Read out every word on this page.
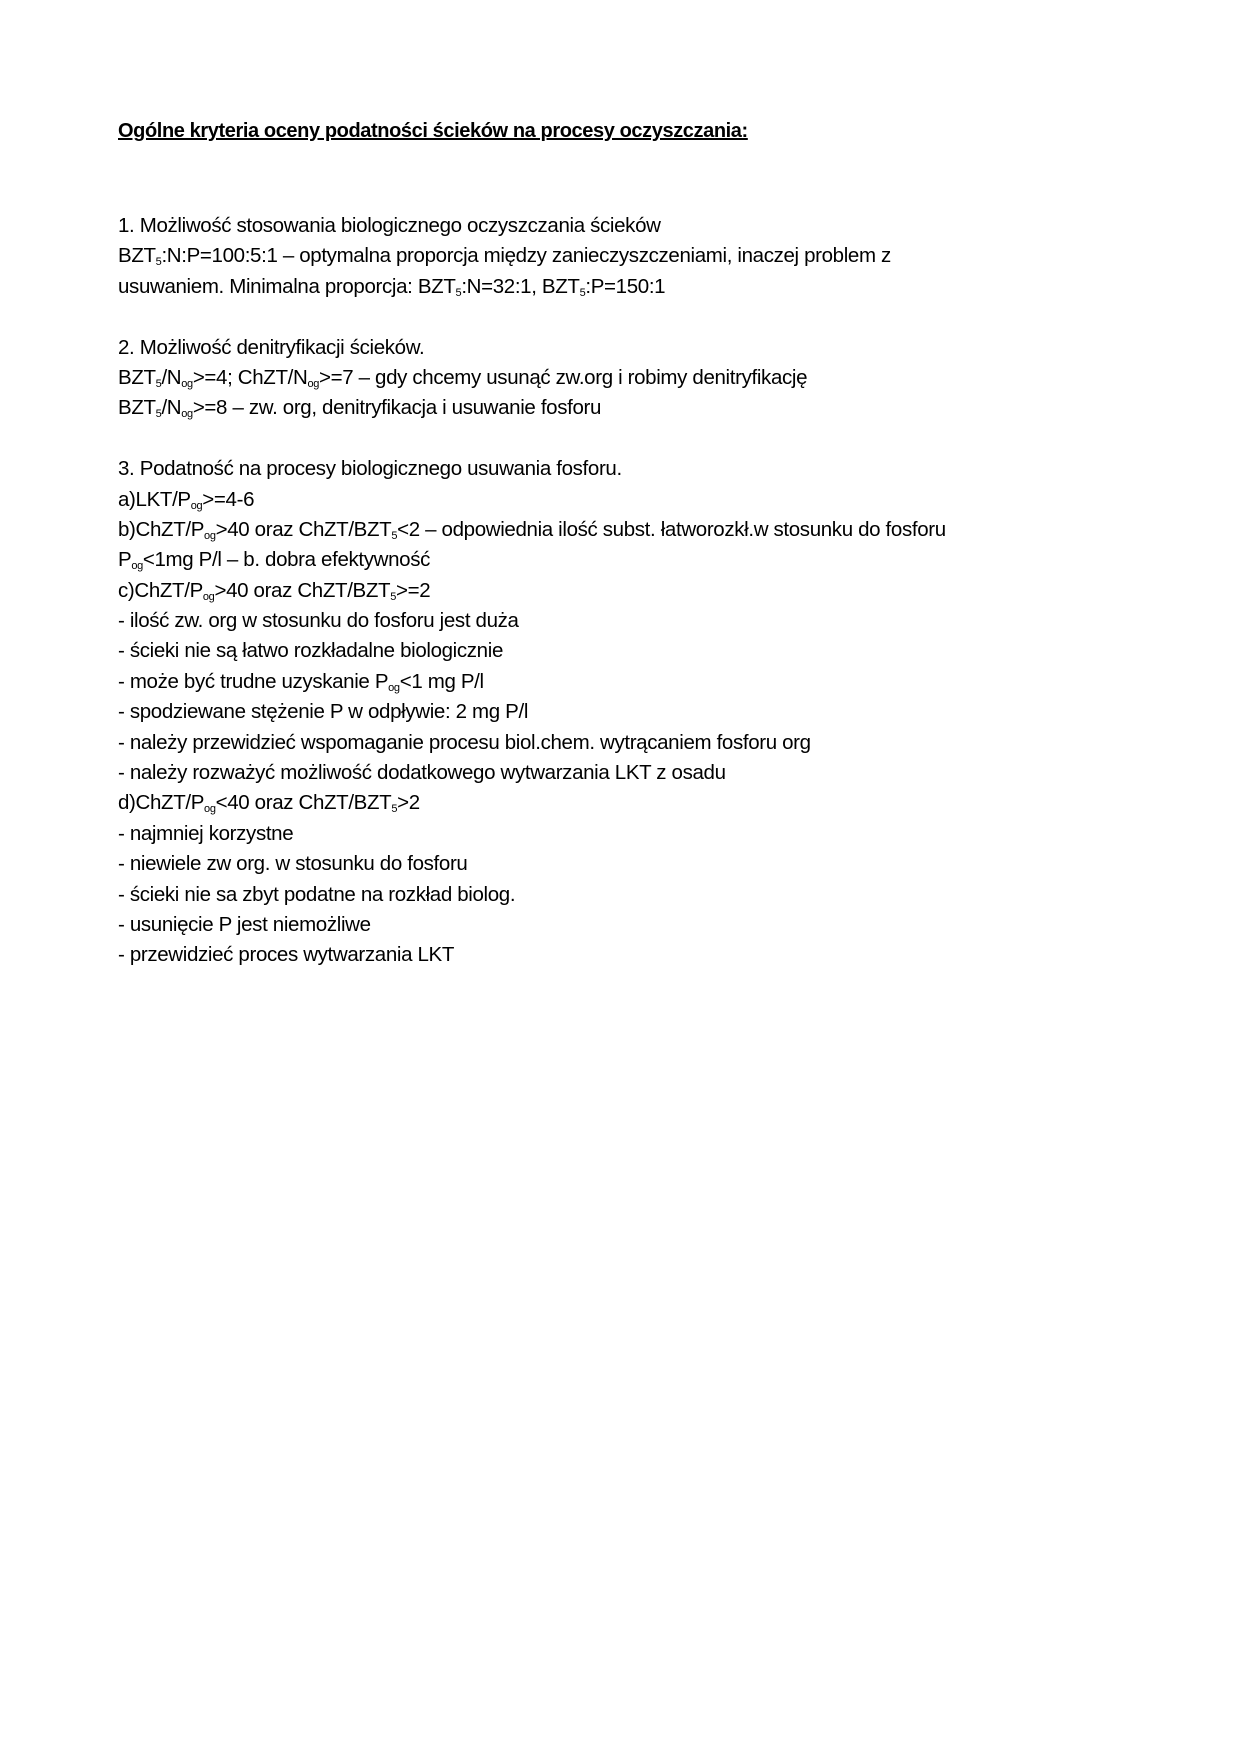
Ogólne kryteria oceny podatności ścieków na procesy oczyszczania:
1. Możliwość stosowania biologicznego oczyszczania ścieków
$BZT_5:N:P=100:5:1$ – optymalna proporcja między zanieczyszczeniami, inaczej problem z
usuwaniem. Minimalna proporcja: $BZT_5:N=32:1$, $BZT_5:P=150:1$
2. Możliwość denitryfikacji ścieków.
$BZT_5/N_{og}>=4$; ChZT/$N_{og}>=7$ – gdy chcemy usunąć zw.org i robimy denitryfikację
$BZT_5/N_{og}>=8$ – zw. org, denitryfikacja i usuwanie fosforu
3. Podatność na procesy biologicznego usuwania fosforu.
$a)LKT/P_{og}>=4-6$
$b)ChZT/P_{og}>40$ oraz ChZT/$BZT_5<2$ – odpowiednia ilość subst. łatworozkł.w stosunku do fosforu
$P_{og}<1mg$ P/l – b. dobra efektywność
$c)ChZT/P_{og}>40$ oraz ChZT/$BZT_5>=2$
- ilość zw. org w stosunku do fosforu jest duża
- ścieki nie są łatwo rozkładalne biologicznie
- może być trudne uzyskanie $P_{og}<1$ mg P/l
- spodziewane stężenie P w odpływie: 2 mg P/l
- należy przewidzieć wspomaganie procesu biol.chem. wytrącaniem fosforu org
- należy rozważyć możliwość dodatkowego wytwarzania LKT z osadu
$d)ChZT/P_{og}<40$ oraz ChZT/$BZT_5>2$
- najmniej korzystne
- niewiele zw org. w stosunku do fosforu
- ścieki nie sa zbyt podatne na rozkład biolog.
- usunięcie P jest niemożliwe
- przewidzieć proces wytwarzania LKT
